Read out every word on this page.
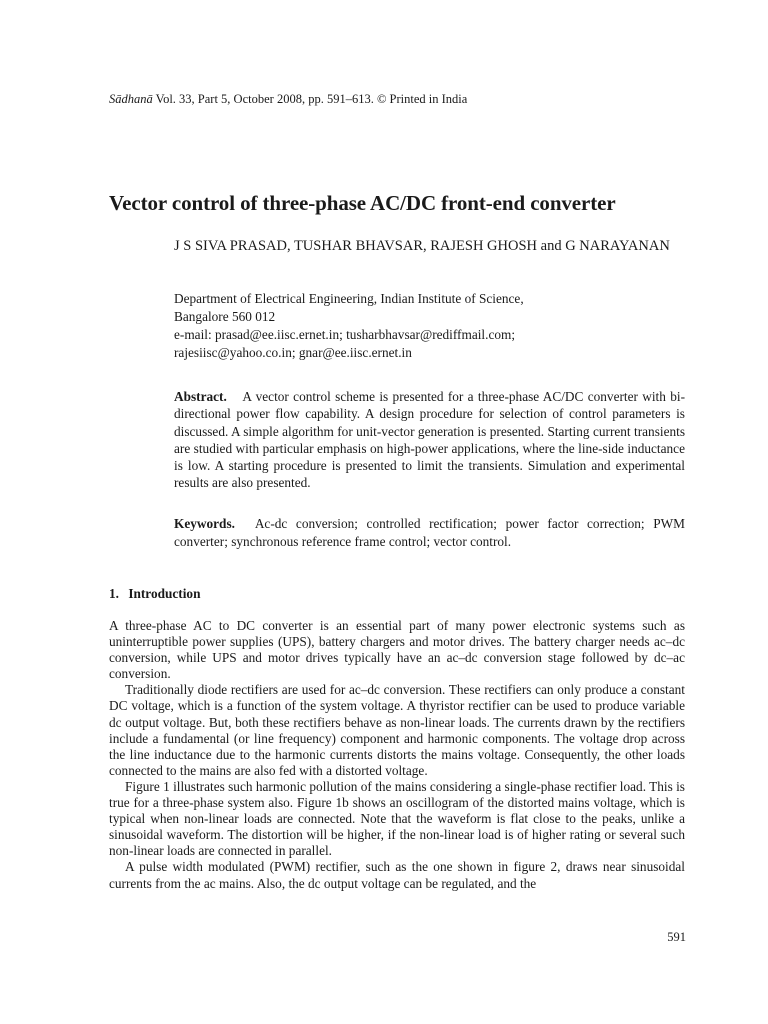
Sādhanā Vol. 33, Part 5, October 2008, pp. 591–613. © Printed in India
Vector control of three-phase AC/DC front-end converter
J S SIVA PRASAD, TUSHAR BHAVSAR, RAJESH GHOSH and G NARAYANAN
Department of Electrical Engineering, Indian Institute of Science,
Bangalore 560 012
e-mail: prasad@ee.iisc.ernet.in; tusharbhavsar@rediffmail.com;
rajesiisc@yahoo.co.in; gnar@ee.iisc.ernet.in
Abstract. A vector control scheme is presented for a three-phase AC/DC converter with bi-directional power flow capability. A design procedure for selection of control parameters is discussed. A simple algorithm for unit-vector generation is presented. Starting current transients are studied with particular emphasis on high-power applications, where the line-side inductance is low. A starting procedure is presented to limit the transients. Simulation and experimental results are also presented.
Keywords. Ac-dc conversion; controlled rectification; power factor correction; PWM converter; synchronous reference frame control; vector control.
1. Introduction

A three-phase AC to DC converter is an essential part of many power electronic systems such as uninterruptible power supplies (UPS), battery chargers and motor drives. The battery charger needs ac–dc conversion, while UPS and motor drives typically have an ac–dc conversion stage followed by dc–ac conversion.

Traditionally diode rectifiers are used for ac–dc conversion. These rectifiers can only produce a constant DC voltage, which is a function of the system voltage. A thyristor rectifier can be used to produce variable dc output voltage. But, both these rectifiers behave as non-linear loads. The currents drawn by the rectifiers include a fundamental (or line frequency) component and harmonic components. The voltage drop across the line inductance due to the harmonic currents distorts the mains voltage. Consequently, the other loads connected to the mains are also fed with a distorted voltage.

Figure 1 illustrates such harmonic pollution of the mains considering a single-phase rectifier load. This is true for a three-phase system also. Figure 1b shows an oscillogram of the distorted mains voltage, which is typical when non-linear loads are connected. Note that the waveform is flat close to the peaks, unlike a sinusoidal waveform. The distortion will be higher, if the non-linear load is of higher rating or several such non-linear loads are connected in parallel.

A pulse width modulated (PWM) rectifier, such as the one shown in figure 2, draws near sinusoidal currents from the ac mains. Also, the dc output voltage can be regulated, and the

591
